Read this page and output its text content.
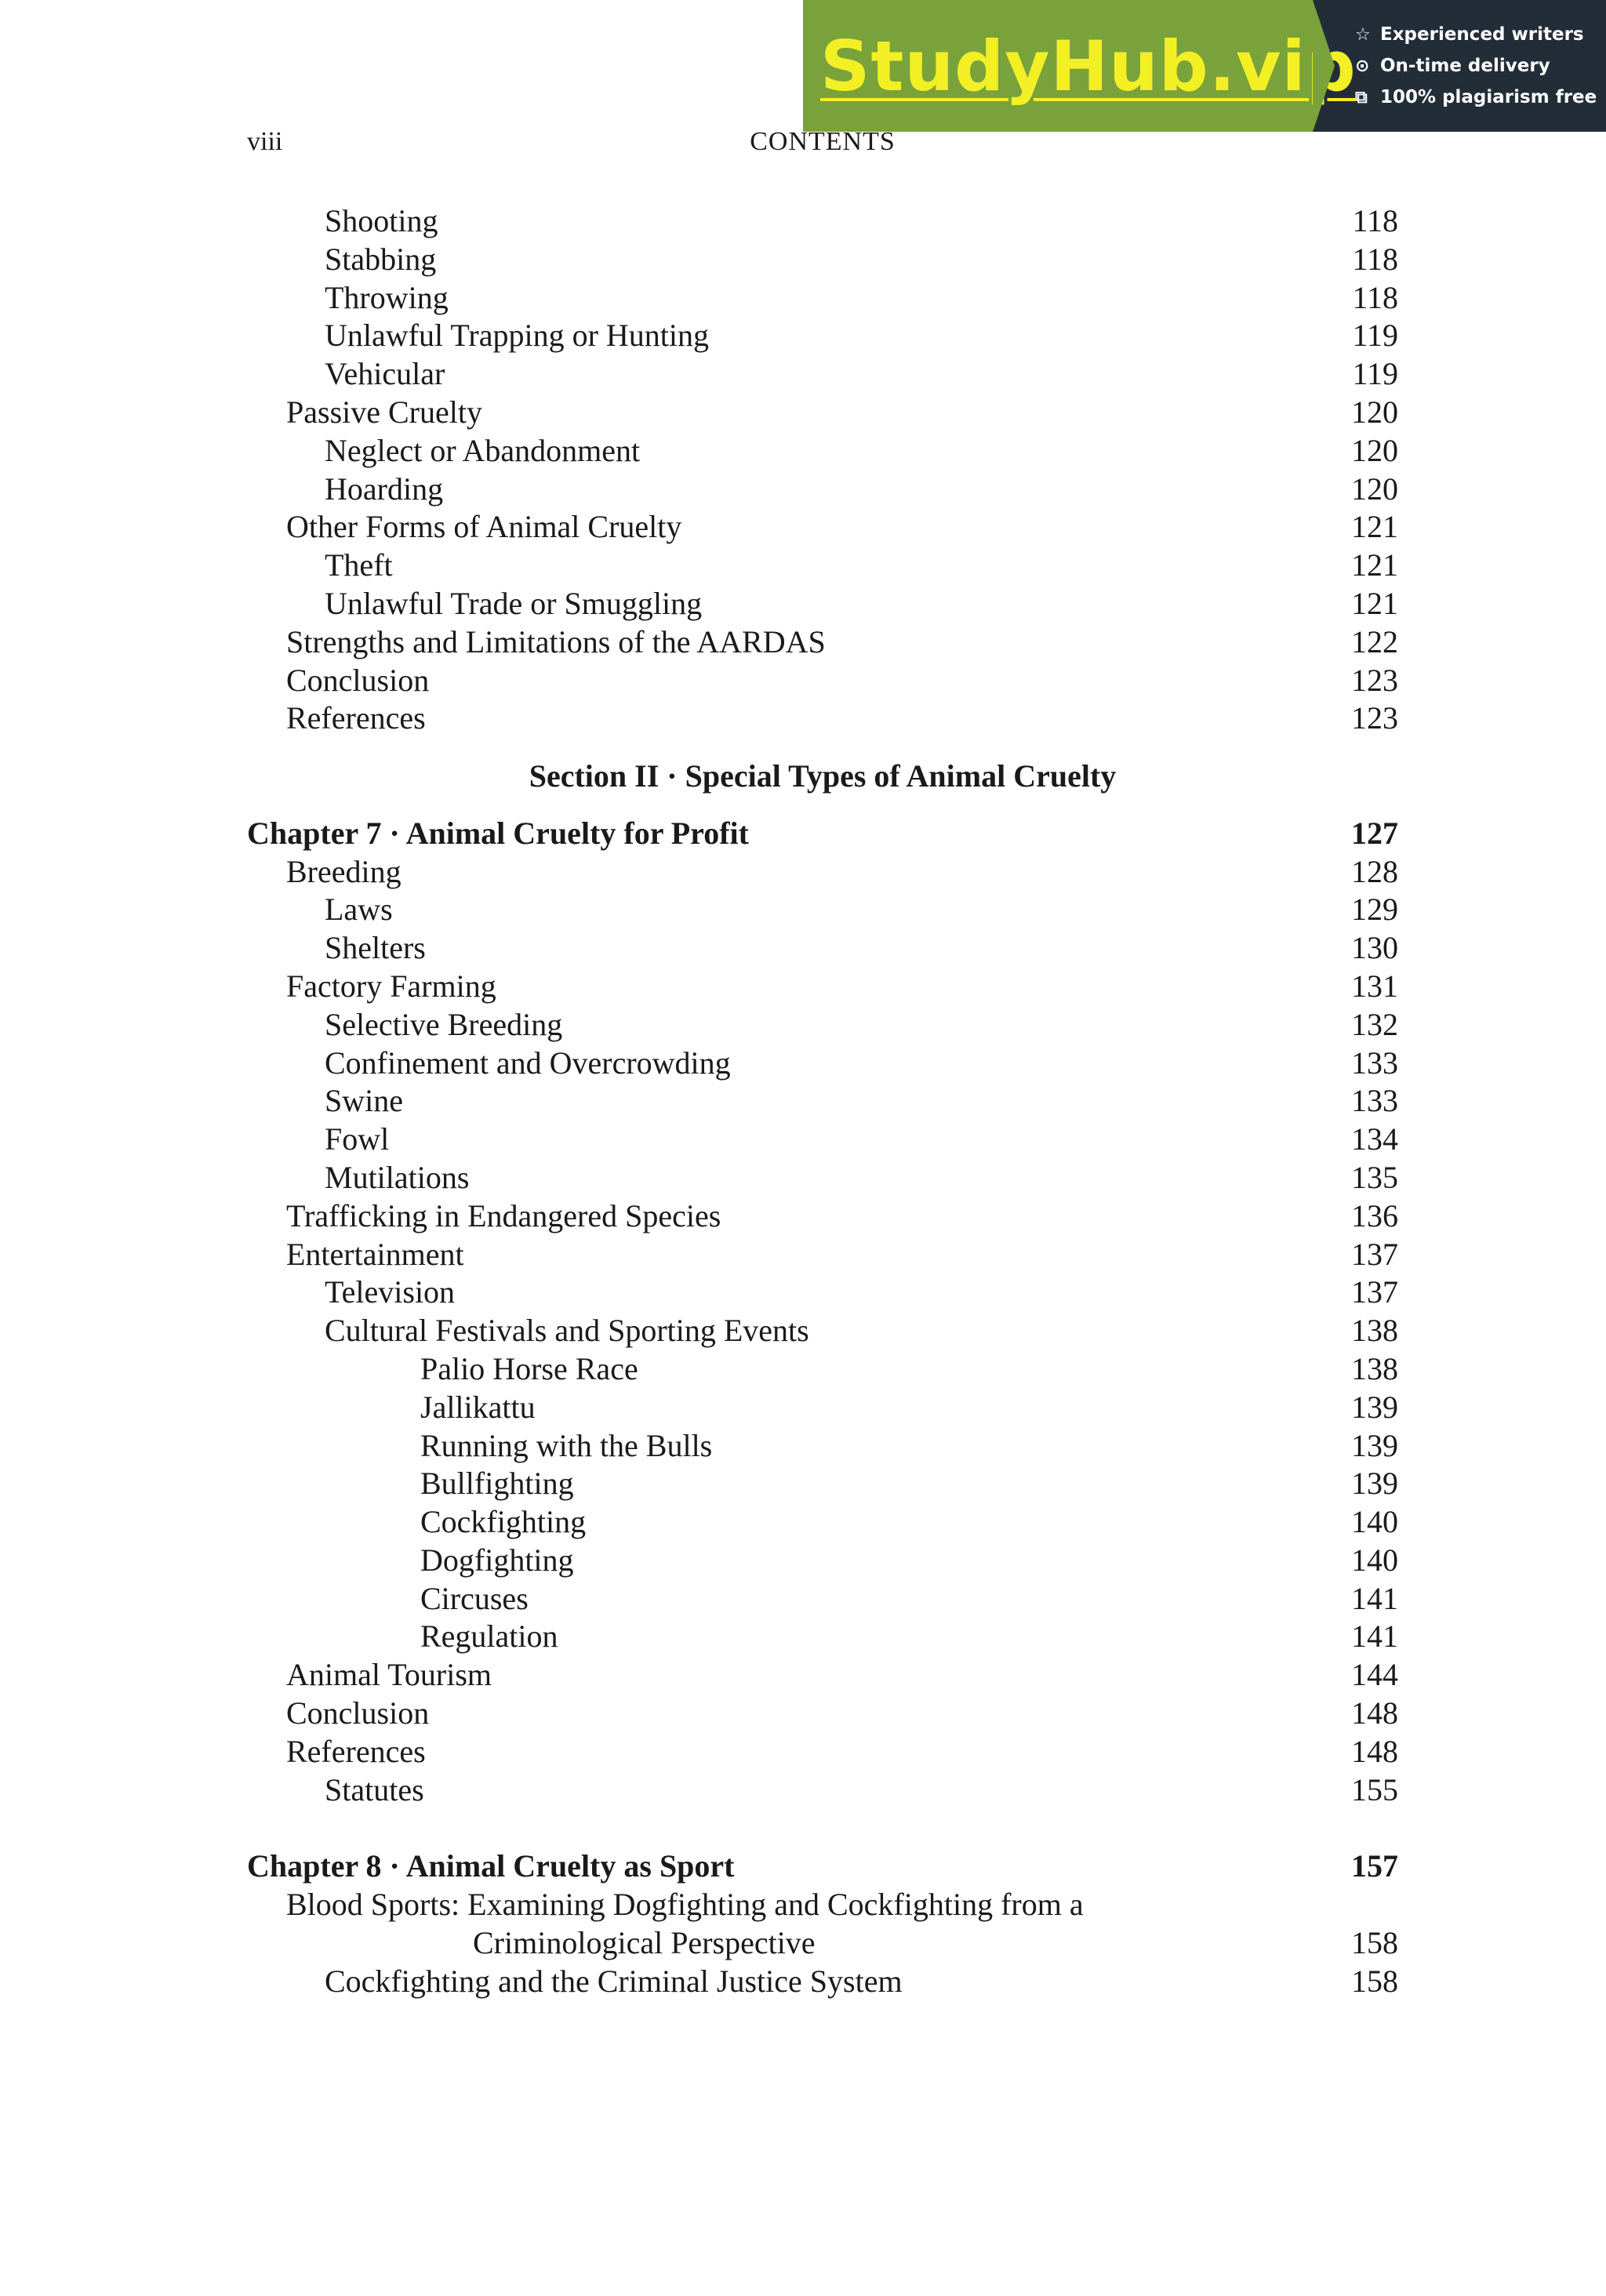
StudyHub.vip
☆ Experienced writers
⊙ On-time delivery
⧉ 100% plagiarism free
viii	CONTENTS
Shooting	118
Stabbing	118
Throwing	118
Unlawful Trapping or Hunting	119
Vehicular	119
Passive Cruelty	120
Neglect or Abandonment	120
Hoarding	120
Other Forms of Animal Cruelty	121
Theft	121
Unlawful Trade or Smuggling	121
Strengths and Limitations of the AARDAS	122
Conclusion	123
References	123
Section II · Special Types of Animal Cruelty
Chapter 7 · Animal Cruelty for Profit	127
Breeding	128
Laws	129
Shelters	130
Factory Farming	131
Selective Breeding	132
Confinement and Overcrowding	133
Swine	133
Fowl	134
Mutilations	135
Trafficking in Endangered Species	136
Entertainment	137
Television	137
Cultural Festivals and Sporting Events	138
Palio Horse Race	138
Jallikattu	139
Running with the Bulls	139
Bullfighting	139
Cockfighting	140
Dogfighting	140
Circuses	141
Regulation	141
Animal Tourism	144
Conclusion	148
References	148
Statutes	155
Chapter 8 · Animal Cruelty as Sport	157
Blood Sports: Examining Dogfighting and Cockfighting from a
Criminological Perspective	158
Cockfighting and the Criminal Justice System	158
